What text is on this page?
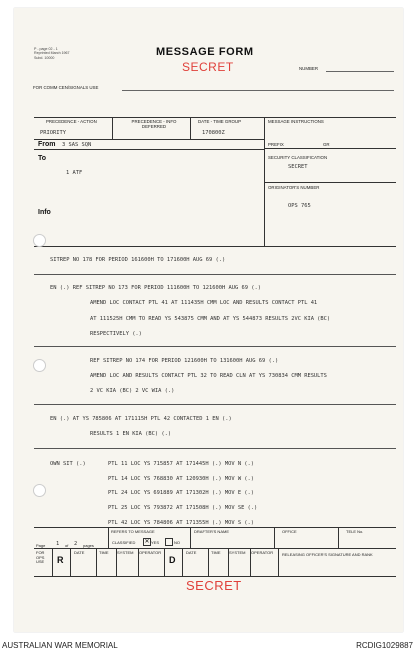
P - page 02 - 1
Reprinted March 1967
Subd. 10000	MESSAGE FORM
SECRET	NUMBER
FOR COMM CEN/SIGNALS USE
PRECEDENCE - ACTION
PRIORITY
PRECEDENCE - INFO DEFERRED
DATE - TIME GROUP
170800Z
MESSAGE INSTRUCTIONS
PREFIX	GR
From 3 SAS SQN
To
1 ATF
Info
SECURITY CLASSIFICATION
SECRET
ORIGINATOR'S NUMBER
OPS 765
SITREP NO 178 FOR PERIOD 161600H TO 171600H AUG 69 (.)
EN (.) REF SITREP NO 173 FOR PERIOD 111600H TO 121600H AUG 69 (.)
AMEND LOC CONTACT PTL 41 AT 111435H CMM LOC AND RESULTS CONTACT PTL 41
AT 111525H CMM TO READ YS 543875 CMM AND AT YS 544873 RESULTS 2VC KIA (BC)
RESPECTIVELY (.)
REF SITREP NO 174 FOR PERIOD 121600H TO 131600H AUG 69 (.)
AMEND LOC AND RESULTS CONTACT PTL 32 TO READ CLN AT YS 730834 CMM RESULTS
2 VC KIA (BC) 2 VC WIA (.)
EN (.) AT YS 785806 AT 171115H PTL 42 CONTACTED 1 EN (.)
RESULTS 1 EN KIA (BC) (.)
OWN SIT (.)	PTL 11 LOC YS 715857 AT 171445H (.) MOV N (.)
PTL 14 LOC YS 768830 AT 120930H (.) MOV W (.)
PTL 24 LOC YS 691889 AT 171302H (.) MOV E (.)
PTL 25 LOC YS 793872 AT 171508H (.) MOV SE (.)
PTL 42 LOC YS 784806 AT 171355H (.) MOV S (.)
Page 1 of 2 pages
REFERS TO MESSAGE
CLASSIFIED ✕ YES	NO
DRAFTER'S NAME	OFFICE	TELE No.
FOR OPS USE	R
DATE	TIME SYSTEM OPERATOR
D
DATE	TIME SYSTEM OPERATOR RELEASING OFFICER'S SIGNATURE AND RANK
SECRET
AUSTRALIAN WAR MEMORIAL	RCDIG1029887
